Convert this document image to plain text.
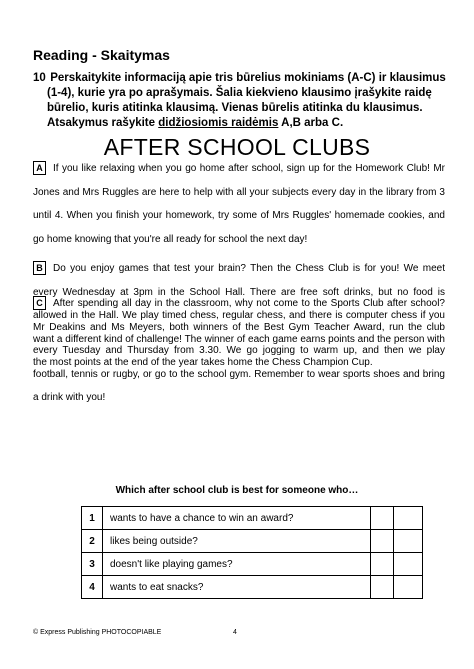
Reading - Skaitymas
10 Perskaitykite informaciją apie tris būrelius mokiniams (A-C) ir klausimus
(1-4), kurie yra po aprašymais. Šalia kiekvieno klausimo įrašykite raidę
būrelio, kuris atitinka klausimą. Vienas būrelis atitinka du klausimus.
Atsakymus rašykite didžiosiomis raidėmis A,B arba C.
AFTER SCHOOL CLUBS
A If you like relaxing when you go home after school, sign up for the Homework Club! Mr Jones and Mrs Ruggles are here to help with all your subjects every day in the library from 3 until 4. When you finish your homework, try some of Mrs Ruggles' homemade cookies, and go home knowing that you're all ready for school the next day!
B Do you enjoy games that test your brain? Then the Chess Club is for you! We meet every Wednesday at 3pm in the School Hall. There are free soft drinks, but no food is allowed in the Hall. We play timed chess, regular chess, and there is computer chess if you want a different kind of challenge! The winner of each game earns points and the person with the most points at the end of the year takes home the Chess Champion Cup.
C After spending all day in the classroom, why not come to the Sports Club after school? Mr Deakins and Ms Meyers, both winners of the Best Gym Teacher Award, run the club every Tuesday and Thursday from 3.30. We go jogging to warm up, and then we play football, tennis or rugby, or go to the school gym. Remember to wear sports shoes and bring a drink with you!
Which after school club is best for someone who…
1	wants to have a chance to win an award?		
2	likes being outside?		
3	doesn't like playing games?		
4	wants to eat snacks?		
© Express Publishing PHOTOCOPIABLE	4
